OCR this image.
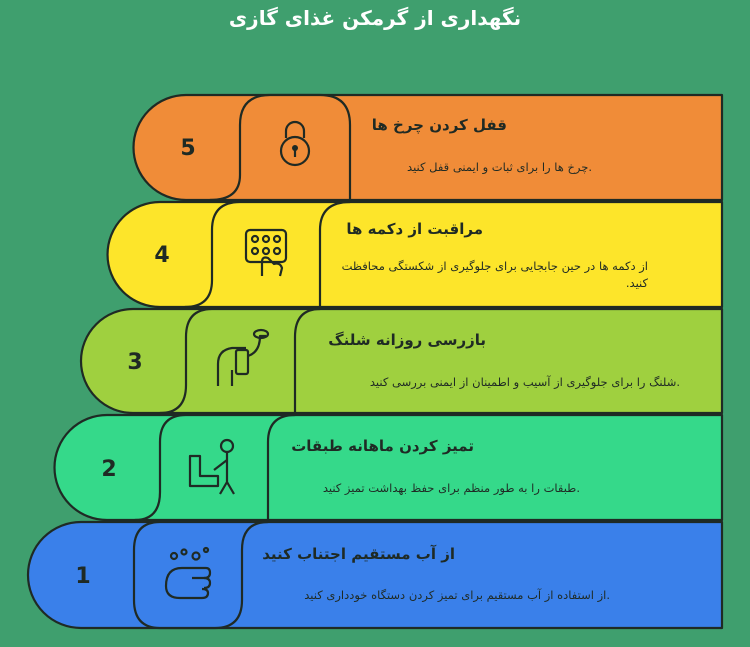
نگهداری از گرمکن غذای گازی
5
4
3
2
1
قفل کردن چرخ ها
.چرخ ها را برای ثبات و ایمنی قفل کنید
مراقبت از دکمه ها
از دکمه ها در حین جابجایی برای جلوگیری از شکستگی محافظت کنید.
بازرسی روزانه شلنگ
.شلنگ را برای جلوگیری از آسیب و اطمینان از ایمنی بررسی کنید
تمیز کردن ماهانه طبقات
.طبقات را به طور منظم برای حفظ بهداشت تمیز کنید
از آب مستقیم اجتناب کنید
.از استفاده از آب مستقیم برای تمیز کردن دستگاه خودداری کنید
